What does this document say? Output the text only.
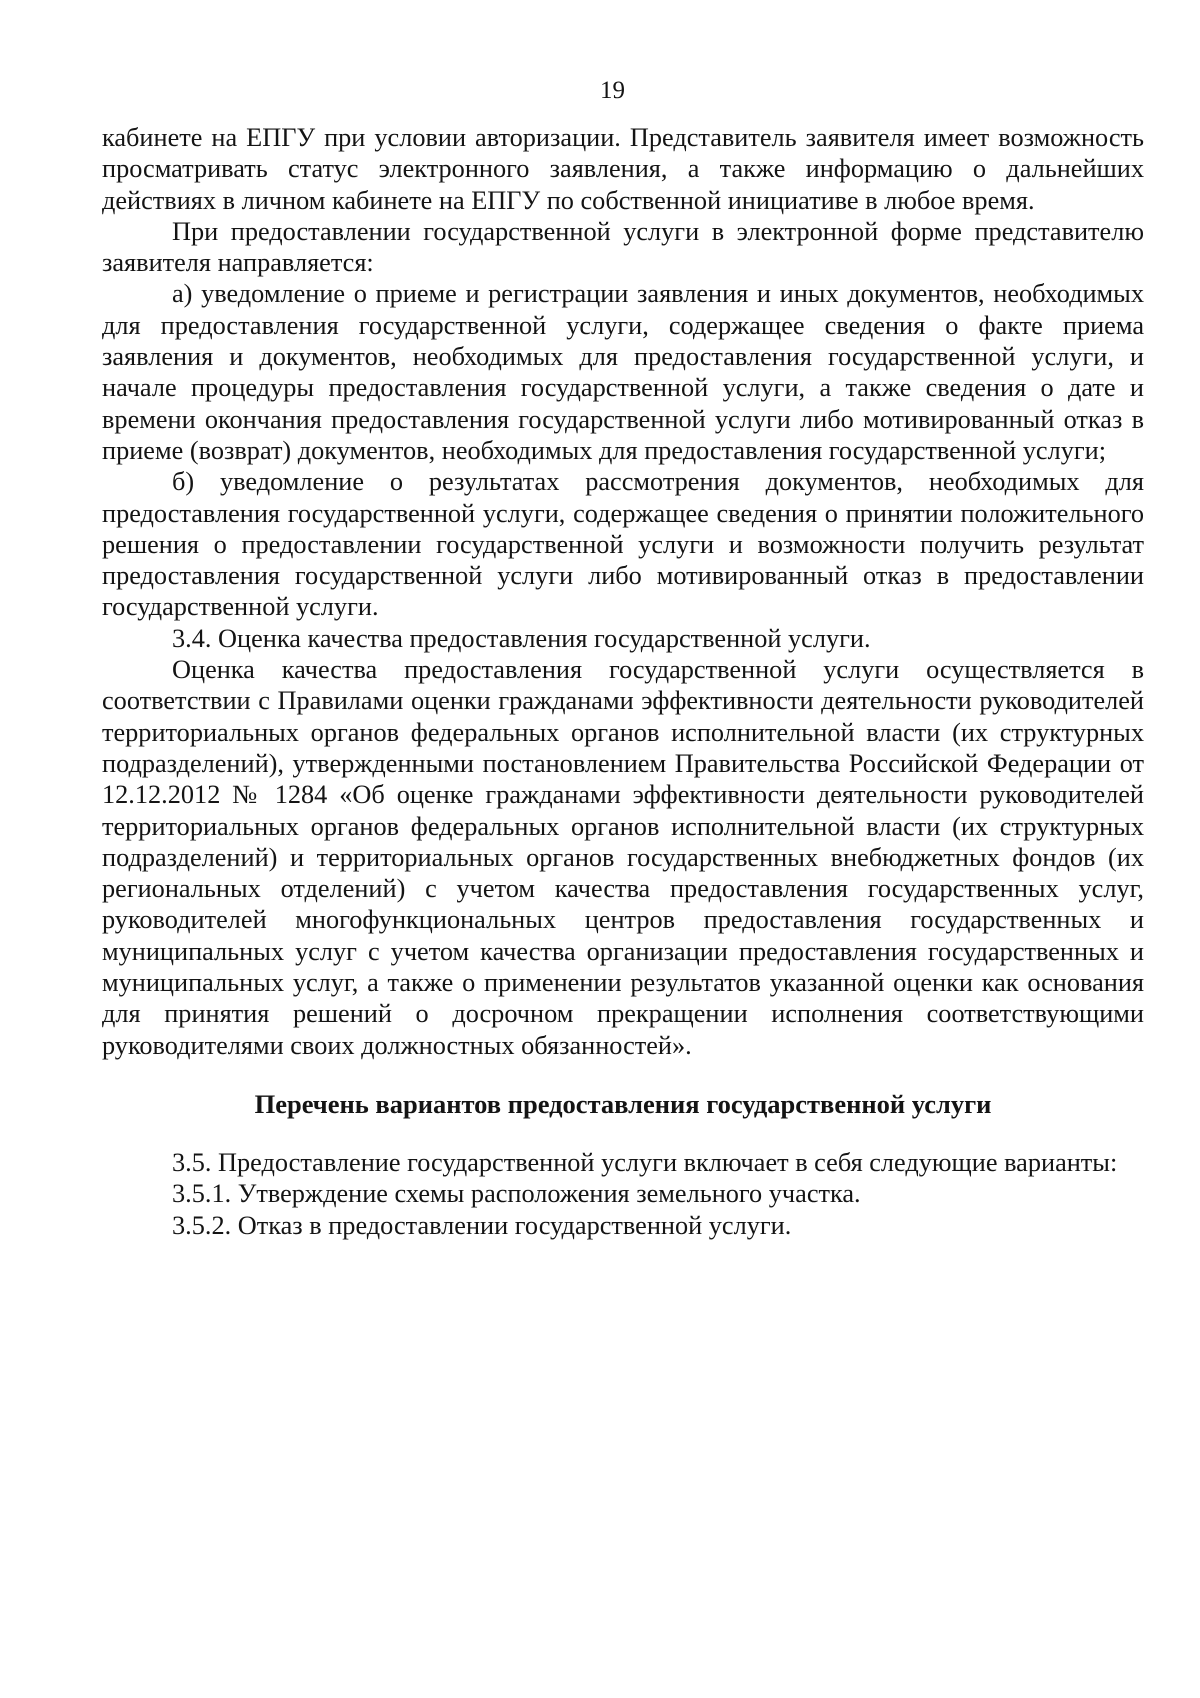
19

кабинете на ЕПГУ при условии авторизации. Представитель заявителя имеет возможность просматривать статус электронного заявления, а также информацию о дальнейших действиях в личном кабинете на ЕПГУ по собственной инициативе в любое время.

При предоставлении государственной услуги в электронной форме представителю заявителя направляется:

а) уведомление о приеме и регистрации заявления и иных документов, необходимых для предоставления государственной услуги, содержащее сведения о факте приема заявления и документов, необходимых для предоставления государственной услуги, и начале процедуры предоставления государственной услуги, а также сведения о дате и времени окончания предоставления государственной услуги либо мотивированный отказ в приеме (возврат) документов, необходимых для предоставления государственной услуги;

б) уведомление о результатах рассмотрения документов, необходимых для предоставления государственной услуги, содержащее сведения о принятии положительного решения о предоставлении государственной услуги и возможности получить результат предоставления государственной услуги либо мотивированный отказ в предоставлении государственной услуги.

3.4. Оценка качества предоставления государственной услуги.

Оценка качества предоставления государственной услуги осуществляется в соответствии с Правилами оценки гражданами эффективности деятельности руководителей территориальных органов федеральных органов исполнительной власти (их структурных подразделений), утвержденными постановлением Правительства Российской Федерации от 12.12.2012 № 1284 «Об оценке гражданами эффективности деятельности руководителей территориальных органов федеральных органов исполнительной власти (их структурных подразделений) и территориальных органов государственных внебюджетных фондов (их региональных отделений) с учетом качества предоставления государственных услуг, руководителей многофункциональных центров предоставления государственных и муниципальных услуг с учетом качества организации предоставления государственных и муниципальных услуг, а также о применении результатов указанной оценки как основания для принятия решений о досрочном прекращении исполнения соответствующими руководителями своих должностных обязанностей».

Перечень вариантов предоставления государственной услуги

3.5. Предоставление государственной услуги включает в себя следующие варианты:

3.5.1. Утверждение схемы расположения земельного участка.

3.5.2. Отказ в предоставлении государственной услуги.
